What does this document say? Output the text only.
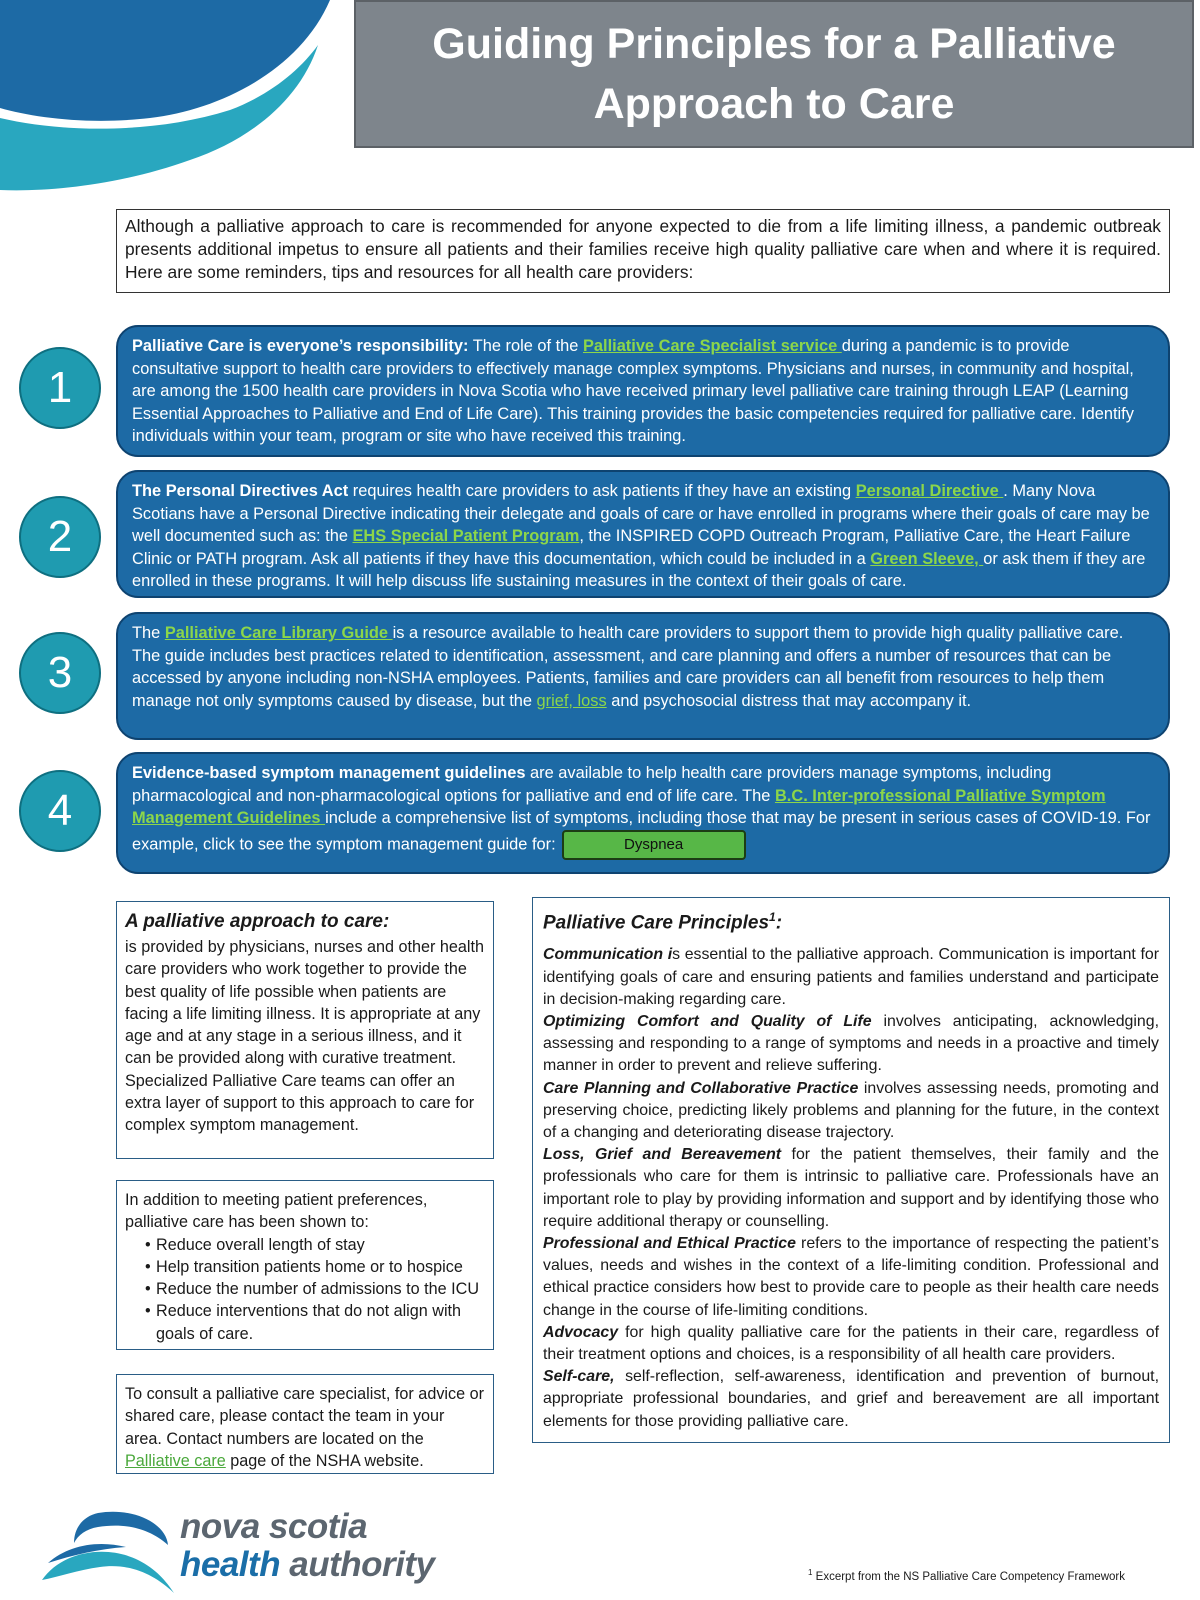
Guiding Principles for a Palliative
Approach to Care
Although a palliative approach to care is recommended for anyone expected to die from a life limiting illness, a pandemic outbreak presents additional impetus to ensure all patients and their families receive high quality palliative care when and where it is required. Here are some reminders, tips and resources for all health care providers:
1
Palliative Care is everyone’s responsibility: The role of the Palliative Care Specialist service during a pandemic is to provide consultative support to health care providers to effectively manage complex symptoms. Physicians and nurses, in community and hospital, are among the 1500 health care providers in Nova Scotia who have received primary level palliative care training through LEAP (Learning Essential Approaches to Palliative and End of Life Care). This training provides the basic competencies required for palliative care. Identify individuals within your team, program or site who have received this training.
2
The Personal Directives Act requires health care providers to ask patients if they have an existing Personal Directive . Many Nova Scotians have a Personal Directive indicating their delegate and goals of care or have enrolled in programs where their goals of care may be well documented such as: the EHS Special Patient Program, the INSPIRED COPD Outreach Program, Palliative Care, the Heart Failure Clinic or PATH program. Ask all patients if they have this documentation, which could be included in a Green Sleeve, or ask them if they are enrolled in these programs. It will help discuss life sustaining measures in the context of their goals of care.
3
The Palliative Care Library Guide is a resource available to health care providers to support them to provide high quality palliative care. The guide includes best practices related to identification, assessment, and care planning and offers a number of resources that can be accessed by anyone including non-NSHA employees. Patients, families and care providers can all benefit from resources to help them manage not only symptoms caused by disease, but the grief, loss and psychosocial distress that may accompany it.
4
Evidence-based symptom management guidelines are available to help health care providers manage symptoms, including pharmacological and non-pharmacological options for palliative and end of life care. The B.C. Inter-professional Palliative Symptom Management Guidelines include a comprehensive list of symptoms, including those that may be present in serious cases of COVID-19. For example, click to see the symptom management guide for:	Dyspnea
A palliative approach to care:
is provided by physicians, nurses and other health care providers who work together to provide the best quality of life possible when patients are facing a life limiting illness. It is appropriate at any age and at any stage in a serious illness, and it can be provided along with curative treatment. Specialized Palliative Care teams can offer an extra layer of support to this approach to care for complex symptom management.
In addition to meeting patient preferences, palliative care has been shown to:
• Reduce overall length of stay
• Help transition patients home or to hospice
• Reduce the number of admissions to the ICU
• Reduce interventions that do not align with goals of care.
To consult a palliative care specialist, for advice or shared care, please contact the team in your area. Contact numbers are located on the Palliative care page of the NSHA website.
Palliative Care Principles$^1$:
Communication is essential to the palliative approach. Communication is important for identifying goals of care and ensuring patients and families understand and participate in decision-making regarding care.
Optimizing Comfort and Quality of Life involves anticipating, acknowledging, assessing and responding to a range of symptoms and needs in a proactive and timely manner in order to prevent and relieve suffering.
Care Planning and Collaborative Practice involves assessing needs, promoting and preserving choice, predicting likely problems and planning for the future, in the context of a changing and deteriorating disease trajectory.
Loss, Grief and Bereavement for the patient themselves, their family and the professionals who care for them is intrinsic to palliative care. Professionals have an important role to play by providing information and support and by identifying those who require additional therapy or counselling.
Professional and Ethical Practice refers to the importance of respecting the patient’s values, needs and wishes in the context of a life-limiting condition. Professional and ethical practice considers how best to provide care to people as their health care needs change in the course of life-limiting conditions.
Advocacy for high quality palliative care for the patients in their care, regardless of their treatment options and choices, is a responsibility of all health care providers.
Self-care, self-reflection, self-awareness, identification and prevention of burnout, appropriate professional boundaries, and grief and bereavement are all important elements for those providing palliative care.
nova scotia
health authority	$^1$ Excerpt from the NS Palliative Care Competency Framework
